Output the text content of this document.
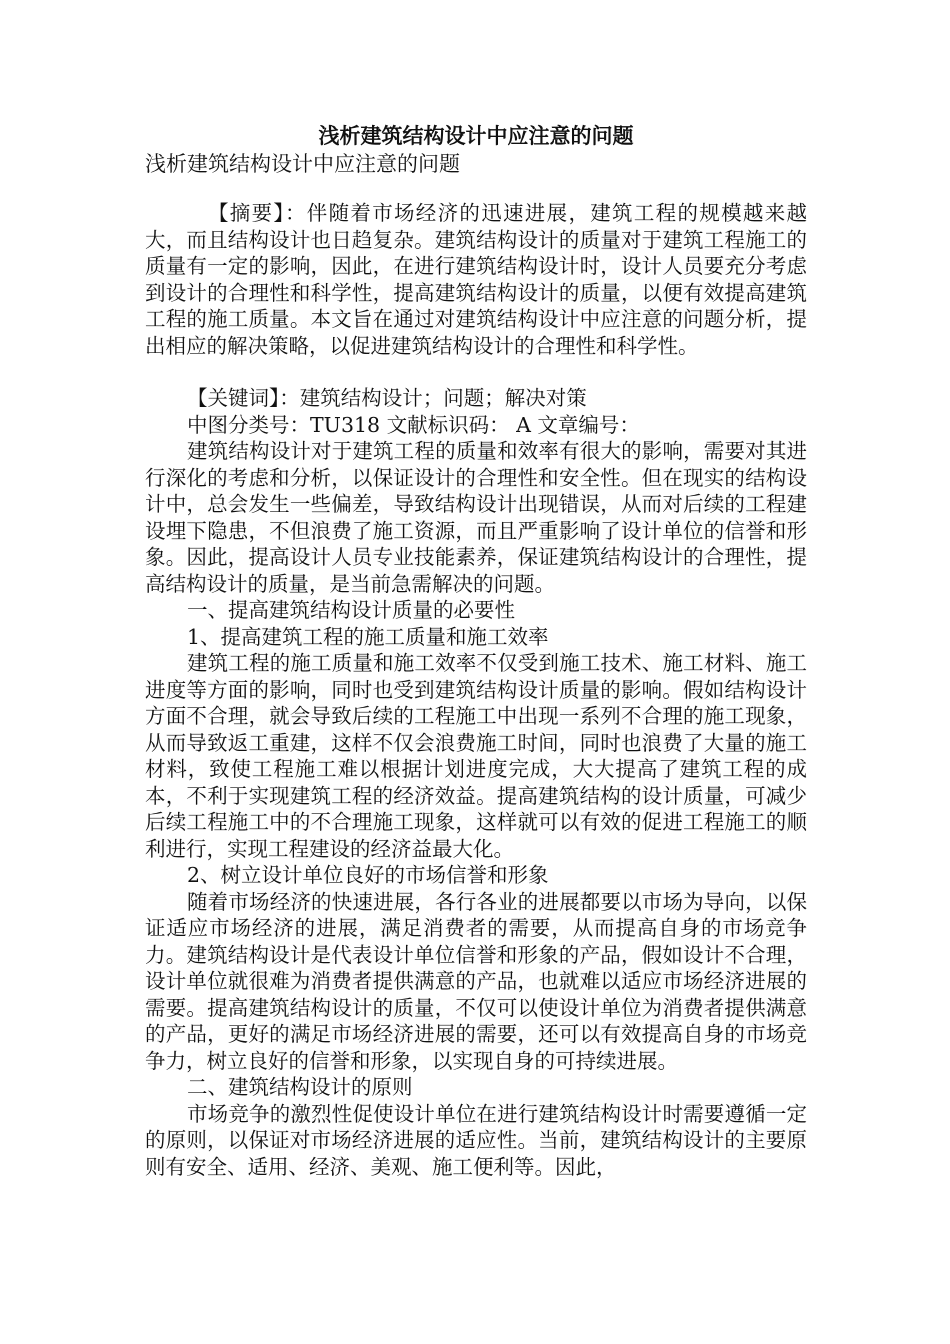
浅析建筑结构设计中应注意的问题

浅析建筑结构设计中应注意的问题

【摘要】：伴随着市场经济的迅速进展，建筑工程的规模越来越大，而且结构设计也日趋复杂。建筑结构设计的质量对于建筑工程施工的质量有一定的影响，因此，在进行建筑结构设计时，设计人员要充分考虑到设计的合理性和科学性，提高建筑结构设计的质量，以便有效提高建筑工程的施工质量。本文旨在通过对建筑结构设计中应注意的问题分析，提出相应的解决策略，以促进建筑结构设计的合理性和科学性。

【关键词】：建筑结构设计；问题；解决对策

中图分类号：TU318 文献标识码： A 文章编号：

建筑结构设计对于建筑工程的质量和效率有很大的影响，需要对其进行深化的考虑和分析，以保证设计的合理性和安全性。但在现实的结构设计中，总会发生一些偏差，导致结构设计出现错误，从而对后续的工程建设埋下隐患，不但浪费了施工资源，而且严重影响了设计单位的信誉和形象。因此，提高设计人员专业技能素养，保证建筑结构设计的合理性，提高结构设计的质量，是当前急需解决的问题。

一、提高建筑结构设计质量的必要性

1、提高建筑工程的施工质量和施工效率

建筑工程的施工质量和施工效率不仅受到施工技术、施工材料、施工进度等方面的影响，同时也受到建筑结构设计质量的影响。假如结构设计方面不合理，就会导致后续的工程施工中出现一系列不合理的施工现象，从而导致返工重建，这样不仅会浪费施工时间，同时也浪费了大量的施工材料，致使工程施工难以根据计划进度完成，大大提高了建筑工程的成本，不利于实现建筑工程的经济效益。提高建筑结构的设计质量，可减少后续工程施工中的不合理施工现象，这样就可以有效的促进工程施工的顺利进行，实现工程建设的经济益最大化。

2、树立设计单位良好的市场信誉和形象

随着市场经济的快速进展，各行各业的进展都要以市场为导向，以保证适应市场经济的进展，满足消费者的需要，从而提高自身的市场竞争力。建筑结构设计是代表设计单位信誉和形象的产品，假如设计不合理，设计单位就很难为消费者提供满意的产品，也就难以适应市场经济进展的需要。提高建筑结构设计的质量，不仅可以使设计单位为消费者提供满意的产品，更好的满足市场经济进展的需要，还可以有效提高自身的市场竞争力，树立良好的信誉和形象，以实现自身的可持续进展。

二、建筑结构设计的原则

市场竞争的激烈性促使设计单位在进行建筑结构设计时需要遵循一定的原则，以保证对市场经济进展的适应性。当前，建筑结构设计的主要原则有安全、适用、经济、美观、施工便利等。因此，
